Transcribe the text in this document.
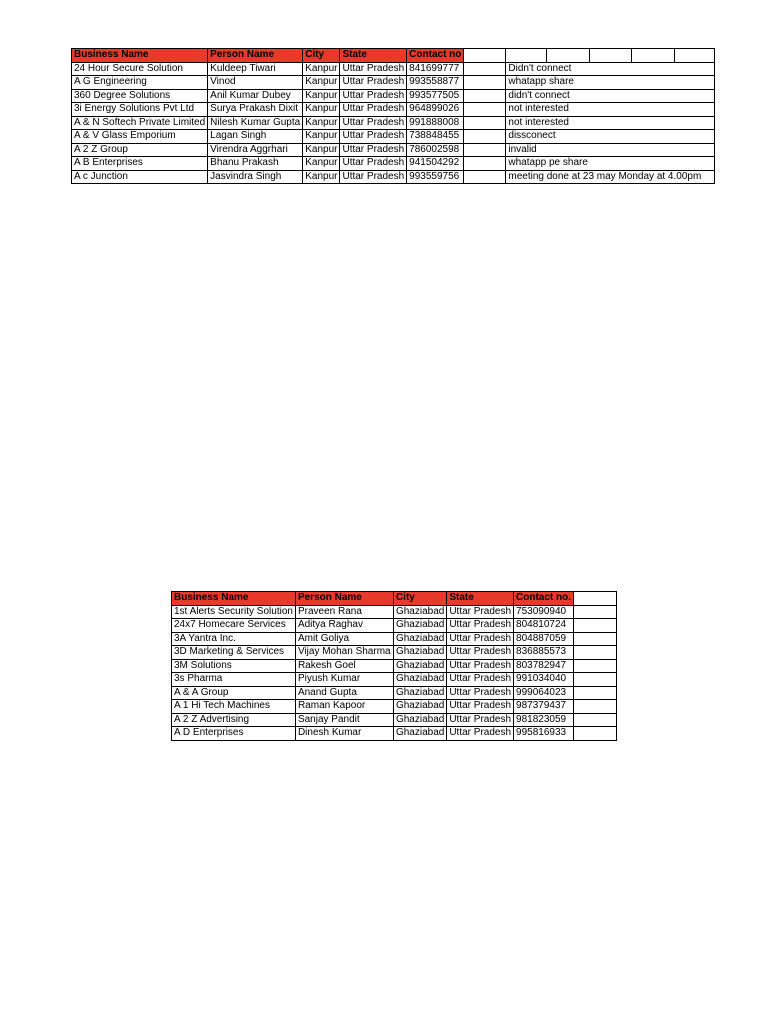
Business Name	Person Name	City	State	Contact no						
24 Hour Secure Solution	Kuldeep Tiwari	Kanpur	Uttar Pradesh	841699777		Didn't connect				
A G Engineering	Vinod	Kanpur	Uttar Pradesh	993558877		whatapp share				
360 Degree Solutions	Anil Kumar Dubey	Kanpur	Uttar Pradesh	993577505		didn't connect				
3i Energy Solutions Pvt Ltd	Surya Prakash Dixit	Kanpur	Uttar Pradesh	964899026		not interested				
A & N Softech Private Limited	Nilesh Kumar Gupta	Kanpur	Uttar Pradesh	991888008		not interested				
A & V Glass Emporium	Lagan Singh	Kanpur	Uttar Pradesh	738848455		dissconect				
A 2 Z Group	Virendra Aggrhari	Kanpur	Uttar Pradesh	786002598		invalid				
A B Enterprises	Bhanu Prakash	Kanpur	Uttar Pradesh	941504292		whatapp pe share				
A c Junction	Jasvindra Singh	Kanpur	Uttar Pradesh	993559756		meeting done at 23 may Monday at 4.00pm				
Business Name	Person Name	City	State	Contact no.	
1st Alerts Security Solution	Praveen Rana	Ghaziabad	Uttar Pradesh	753090940	
24x7 Homecare Services	Aditya Raghav	Ghaziabad	Uttar Pradesh	804810724	
3A Yantra Inc.	Amit Goliya	Ghaziabad	Uttar Pradesh	804887059	
3D Marketing & Services	Vijay Mohan Sharma	Ghaziabad	Uttar Pradesh	836885573	
3M Solutions	Rakesh Goel	Ghaziabad	Uttar Pradesh	803782947	
3s Pharma	Piyush Kumar	Ghaziabad	Uttar Pradesh	991034040	
A & A Group	Anand Gupta	Ghaziabad	Uttar Pradesh	999064023	
A 1 Hi Tech Machines	Raman Kapoor	Ghaziabad	Uttar Pradesh	987379437	
A 2 Z Advertising	Sanjay Pandit	Ghaziabad	Uttar Pradesh	981823059	
A D Enterprises	Dinesh Kumar	Ghaziabad	Uttar Pradesh	995816933	
